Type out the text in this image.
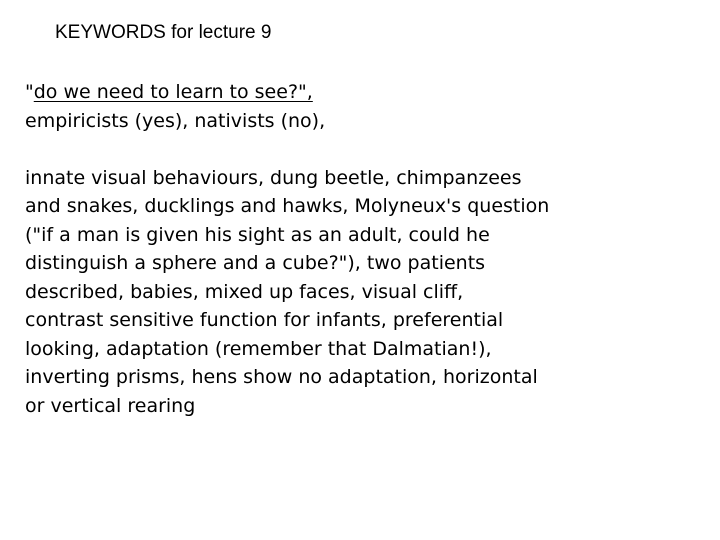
KEYWORDS for lecture 9
"do we need to learn to see?",
empiricists (yes), nativists (no),
innate visual behaviours, dung beetle, chimpanzees
and snakes, ducklings and hawks, Molyneux's question
("if a man is given his sight as an adult, could he
distinguish a sphere and a cube?"), two patients
described, babies, mixed up faces, visual cliff,
contrast sensitive function for infants, preferential
looking, adaptation (remember that Dalmatian!),
inverting prisms, hens show no adaptation, horizontal
or vertical rearing
